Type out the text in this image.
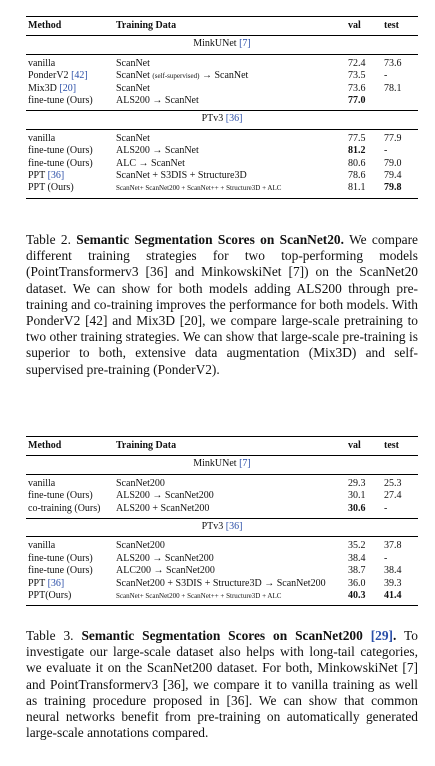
Method	Training Data	val	test
MinkUNet [7]			
vanilla	ScanNet	72.4	73.6
PonderV2 [42]	ScanNet (self-supervised) → ScanNet	73.5	-
Mix3D [20]	ScanNet	73.6	78.1
fine-tune (Ours)	ALS200 → ScanNet	77.0	
PTv3 [36]			
vanilla	ScanNet	77.5	77.9
fine-tune (Ours)	ALS200 → ScanNet	81.2	-
fine-tune (Ours)	ALC → ScanNet	80.6	79.0
PPT [36]	ScanNet + S3DIS + Structure3D	78.6	79.4
PPT (Ours)	ScanNet+ ScanNet200 + ScanNet++ + Structure3D + ALC	81.1	79.8

Table 2. Semantic Segmentation Scores on ScanNet20. We compare different training strategies for two top-performing models (PointTransformerv3 [36] and MinkowskiNet [7]) on the ScanNet20 dataset. We can show for both models adding ALS200 through pre-training and co-training improves the performance for both models. With PonderV2 [42] and Mix3D [20], we compare large-scale pretraining to two other training strategies. We can show that large-scale pre-training is superior to both, extensive data augmentation (Mix3D) and self-supervised pre-training (PonderV2).

Method	Training Data	val	test
MinkUNet [7]			
vanilla	ScanNet200	29.3	25.3
fine-tune (Ours)	ALS200 → ScanNet200	30.1	27.4
co-training (Ours)	ALS200 + ScanNet200	30.6	-
PTv3 [36]			
vanilla	ScanNet200	35.2	37.8
fine-tune (Ours)	ALS200 → ScanNet200	38.4	-
fine-tune (Ours)	ALC200 → ScanNet200	38.7	38.4
PPT [36]	ScanNet200 + S3DIS + Structure3D → ScanNet200	36.0	39.3
PPT(Ours)	ScanNet+ ScanNet200 + ScanNet++ + Structure3D + ALC	40.3	41.4

Table 3. Semantic Segmentation Scores on ScanNet200 [29]. To investigate our large-scale dataset also helps with long-tail categories, we evaluate it on the ScanNet200 dataset. For both, MinkowskiNet [7] and PointTransformerv3 [36], we compare it to vanilla training as well as training procedure proposed in [36]. We can show that common neural networks benefit from pre-training on automatically generated large-scale annotations compared.
